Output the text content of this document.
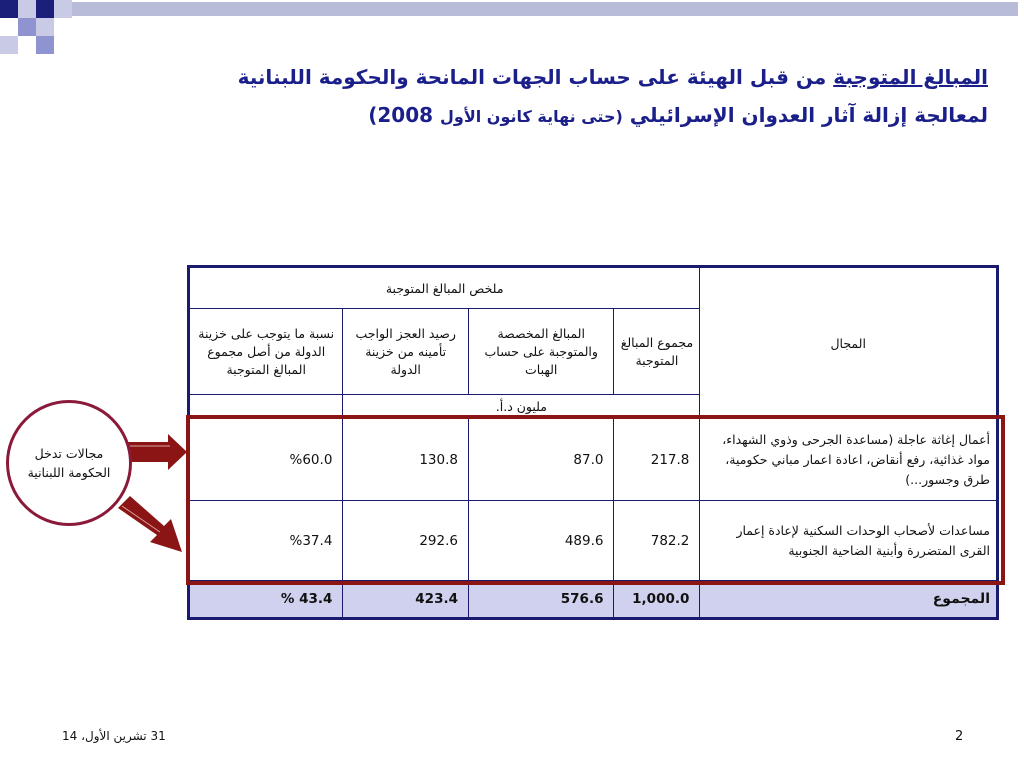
المبالغ المتوجبة من قبل الهيئة على حساب الجهات المانحة والحكومة اللبنانية
لمعالجة إزالة آثار العدوان الإسرائيلي (حتى نهاية كانون الأول 2008)
ملخص المبالغ المتوجبة				المجال
نسبة ما يتوجب على خزينة الدولة من أصل مجموع المبالغ المتوجبة	رصيد العجز الواجب تأمينه من خزينة الدولة	المبالغ المخصصة والمتوجبة على حساب الهبات	مجموع المبالغ المتوجبة	
	مليون د.أ.			
%60.0	130.8	87.0	217.8	أعمال إغاثة عاجلة (مساعدة الجرحى وذوي الشهداء، مواد غذائية، رفع أنقاض، اعادة اعمار مباني حكومية، طرق وجسور...)
%37.4	292.6	489.6	782.2	مساعدات لأصحاب الوحدات السكنية لإعادة إعمار القرى المتضررة وأبنية الضاحية الجنوبية
% 43.4	423.4	576.6	1,000.0	المجموع
مجالات تدخل الحكومة اللبنانية
31 تشرين الأول، 14	2
